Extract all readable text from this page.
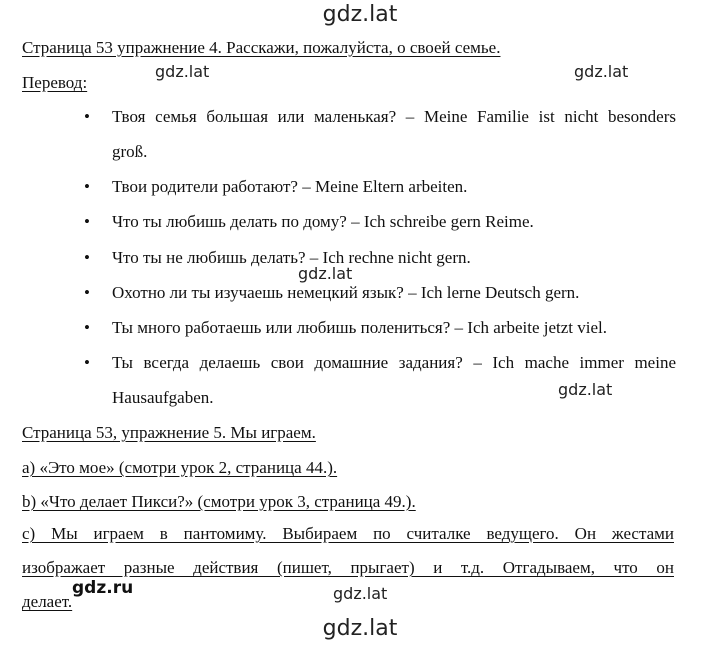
gdz.lat
Страница 53 упражнение 4. Расскажи, пожалуйста, о своей семье.
gdz.lat	gdz.lat
Перевод:
• Твоя семья большая или маленькая? – Meine Familie ist nicht besonders
groß.
• Твои родители работают? – Meine Eltern arbeiten.
• Что ты любишь делать по дому? – Ich schreibe gern Reime.
• Что ты не любишь делать? – Ich rechne nicht gern.
gdz.lat
• Охотно ли ты изучаешь немецкий язык? – Ich lerne Deutsch gern.
• Ты много работаешь или любишь полениться? – Ich arbeite jetzt viel.
• Ты всегда делаешь свои домашние задания? – Ich mache immer meine
Hausaufgaben.	gdz.lat
Страница 53, упражнение 5. Мы играем.
a) «Это мое» (смотри урок 2, страница 44.).
b) «Что делает Пикси?» (смотри урок 3, страница 49.).
c) Мы играем в пантомиму. Выбираем по считалке ведущего. Он жестами
изображает разные действия (пишет, прыгает) и т.д. Отгадываем, что он
делает.
gdz.ru	gdz.lat
gdz.lat
